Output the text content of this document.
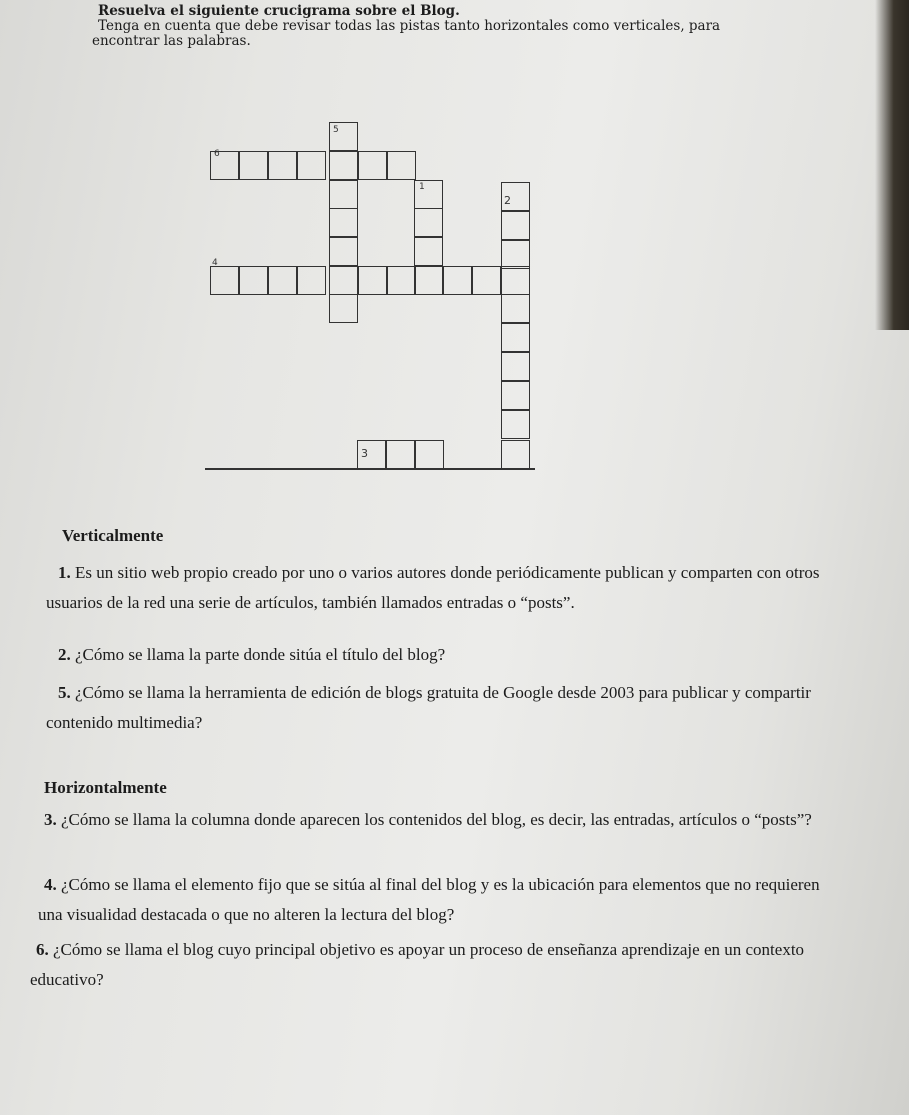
Resuelva el siguiente crucigrama sobre el Blog.
Tenga en cuenta que debe revisar todas las pistas tanto horizontales como verticales, para
encontrar las palabras.
5
6
1
2
4
3
Verticalmente
1. Es un sitio web propio creado por uno o varios autores donde periódicamente publican y comparten con otros usuarios de la red una serie de artículos, también llamados entradas o “posts”.
2. ¿Cómo se llama la parte donde sitúa el título del blog?
5. ¿Cómo se llama la herramienta de edición de blogs gratuita de Google desde 2003 para publicar y compartir contenido multimedia?
Horizontalmente
3. ¿Cómo se llama la columna donde aparecen los contenidos del blog, es decir, las entradas, artículos o “posts”?
4. ¿Cómo se llama el elemento fijo que se sitúa al final del blog y es la ubicación para elementos que no requieren una visualidad destacada o que no alteren la lectura del blog?
6. ¿Cómo se llama el blog cuyo principal objetivo es apoyar un proceso de enseñanza aprendizaje en un contexto educativo?
